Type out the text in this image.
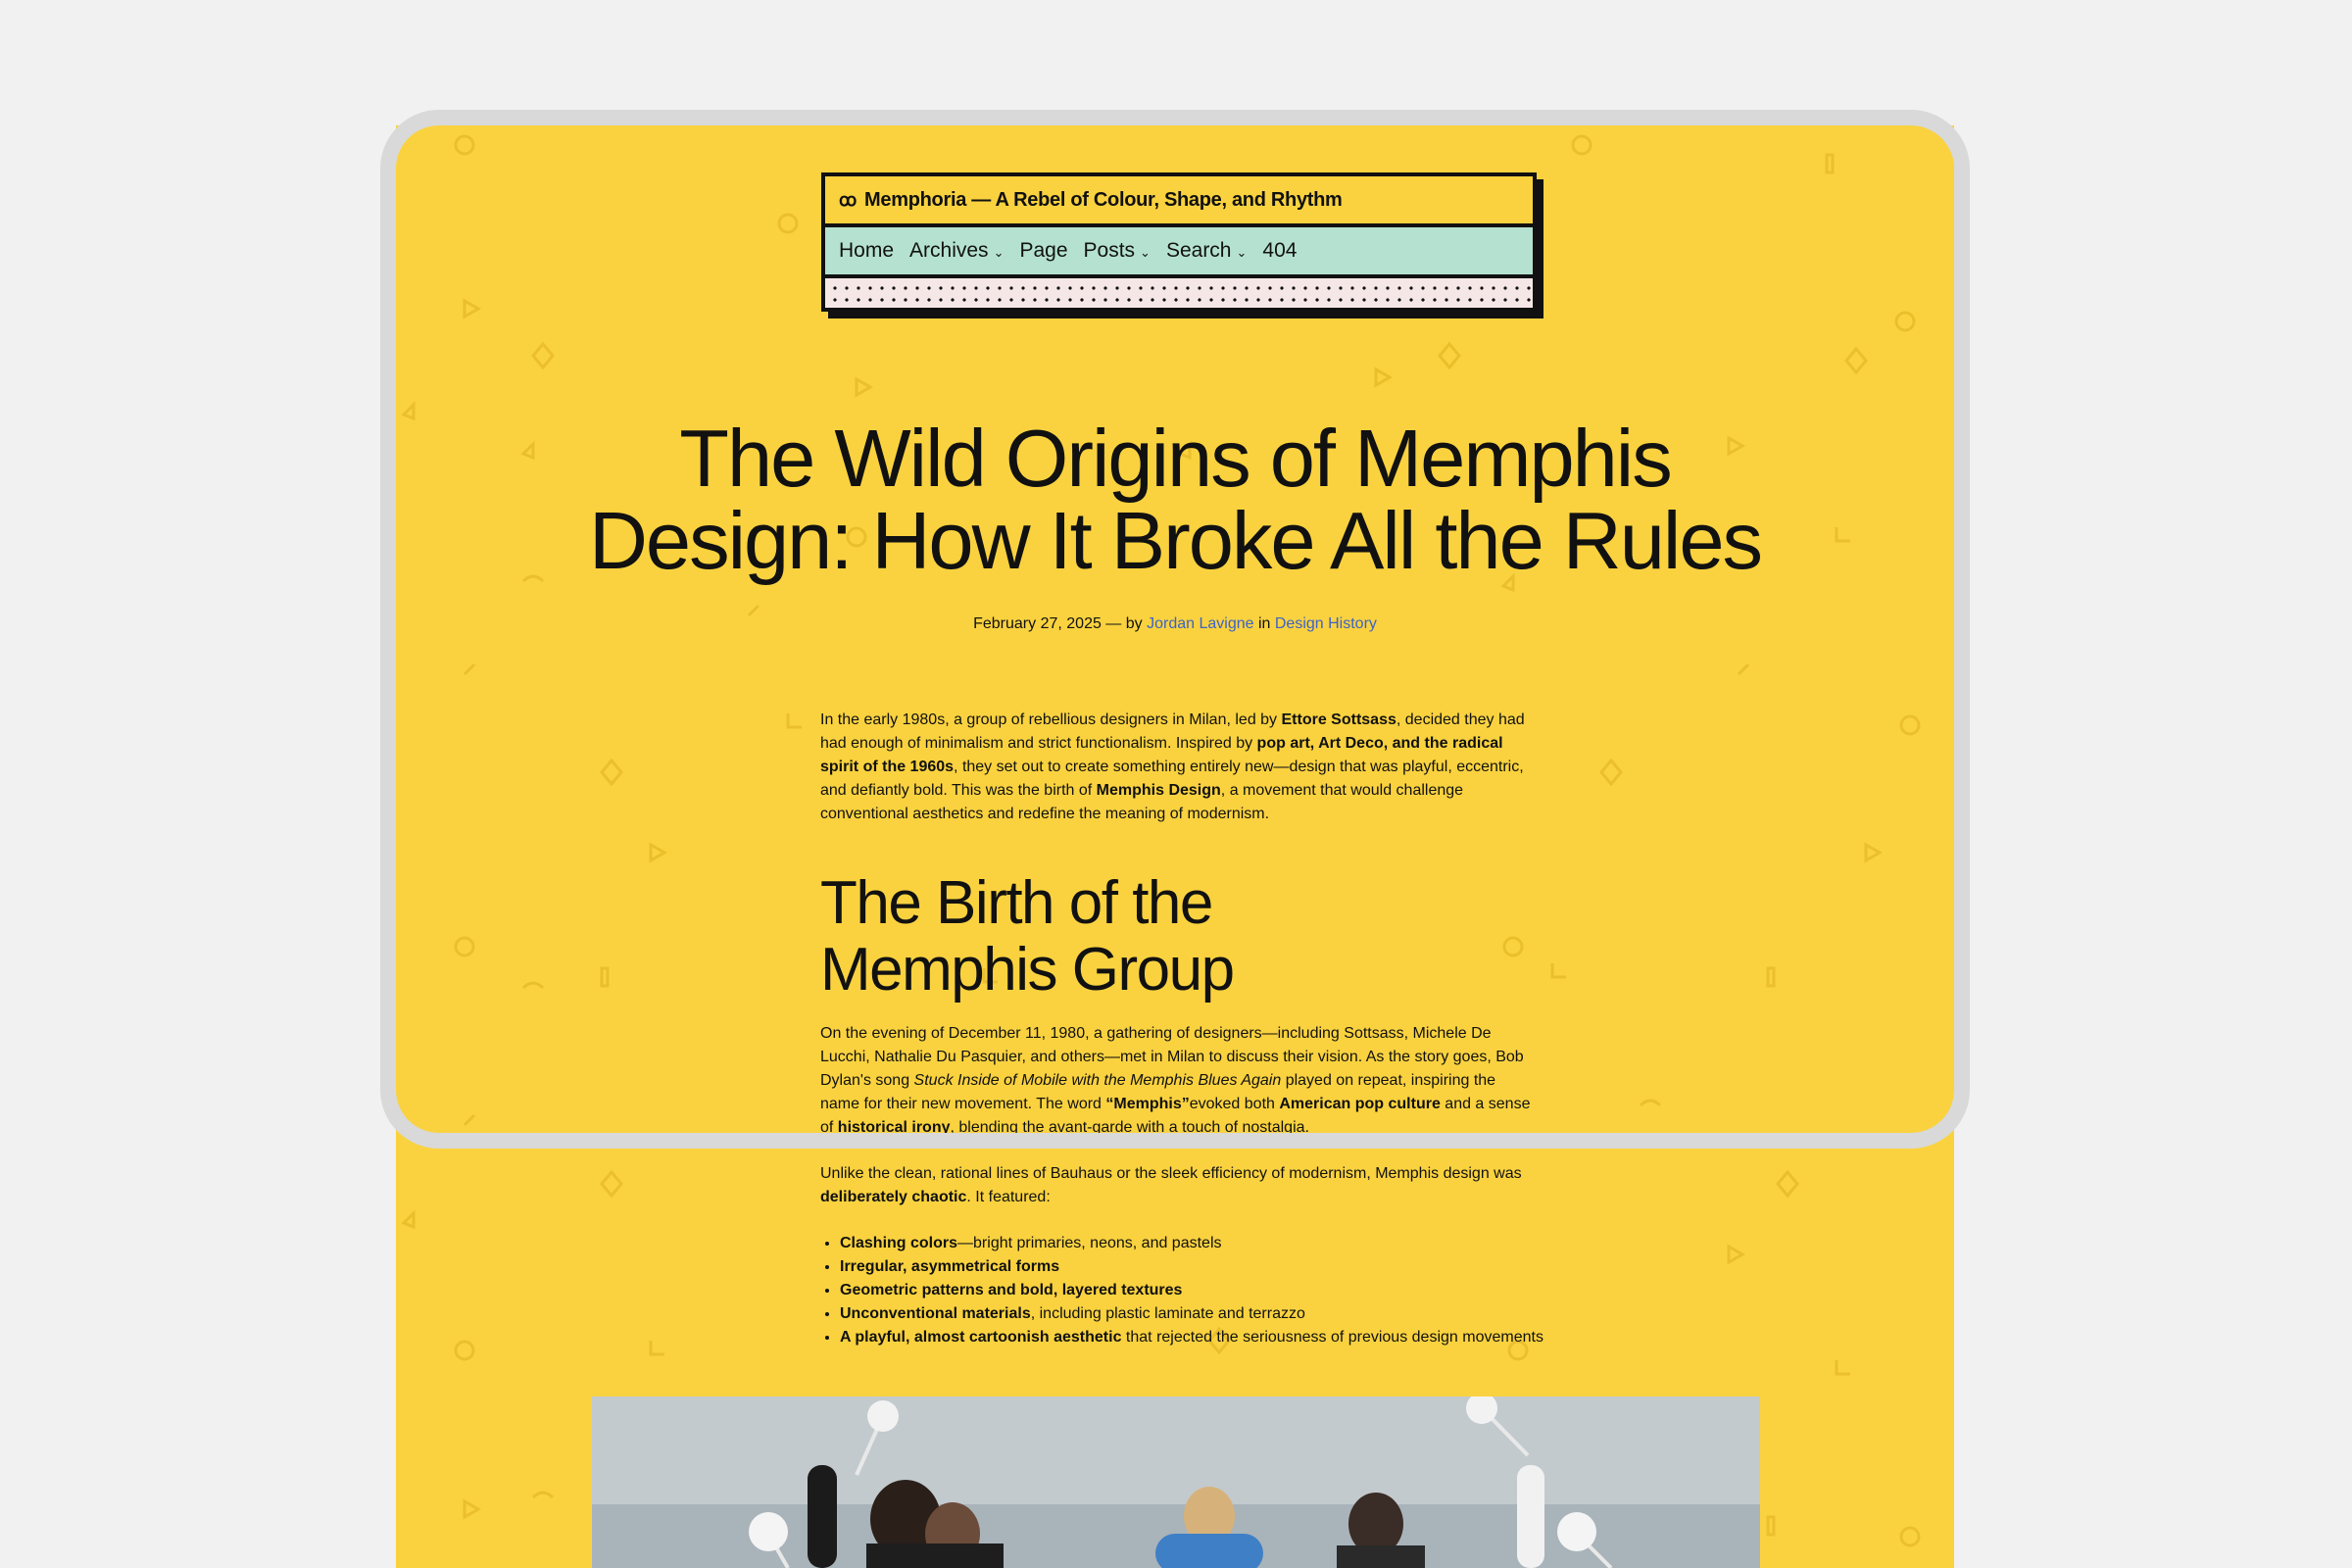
ꝏ Memphoria — A Rebel of Colour, Shape, and Rhythm
Home Archives ⌄ Page Posts ⌄ Search ⌄ 404
The Wild Origins of Memphis
Design: How It Broke All the Rules
February 27, 2025 — by Jordan Lavigne in Design History

In the early 1980s, a group of rebellious designers in Milan, led by Ettore Sottsass, decided they had had enough of minimalism and strict functionalism. Inspired by pop art, Art Deco, and the radical spirit of the 1960s, they set out to create something entirely new—design that was playful, eccentric, and defiantly bold. This was the birth of Memphis Design, a movement that would challenge conventional aesthetics and redefine the meaning of modernism.

The Birth of the
Memphis Group

On the evening of December 11, 1980, a gathering of designers—including Sottsass, Michele De Lucchi, Nathalie Du Pasquier, and others—met in Milan to discuss their vision. As the story goes, Bob Dylan's song Stuck Inside of Mobile with the Memphis Blues Again played on repeat, inspiring the name for their new movement. The word “Memphis”evoked both American pop culture and a sense of historical irony, blending the avant-garde with a touch of nostalgia.

Unlike the clean, rational lines of Bauhaus or the sleek efficiency of modernism, Memphis design was deliberately chaotic. It featured:

• Clashing colors—bright primaries, neons, and pastels
• Irregular, asymmetrical forms
• Geometric patterns and bold, layered textures
• Unconventional materials, including plastic laminate and terrazzo
• A playful, almost cartoonish aesthetic that rejected the seriousness of previous design movements
